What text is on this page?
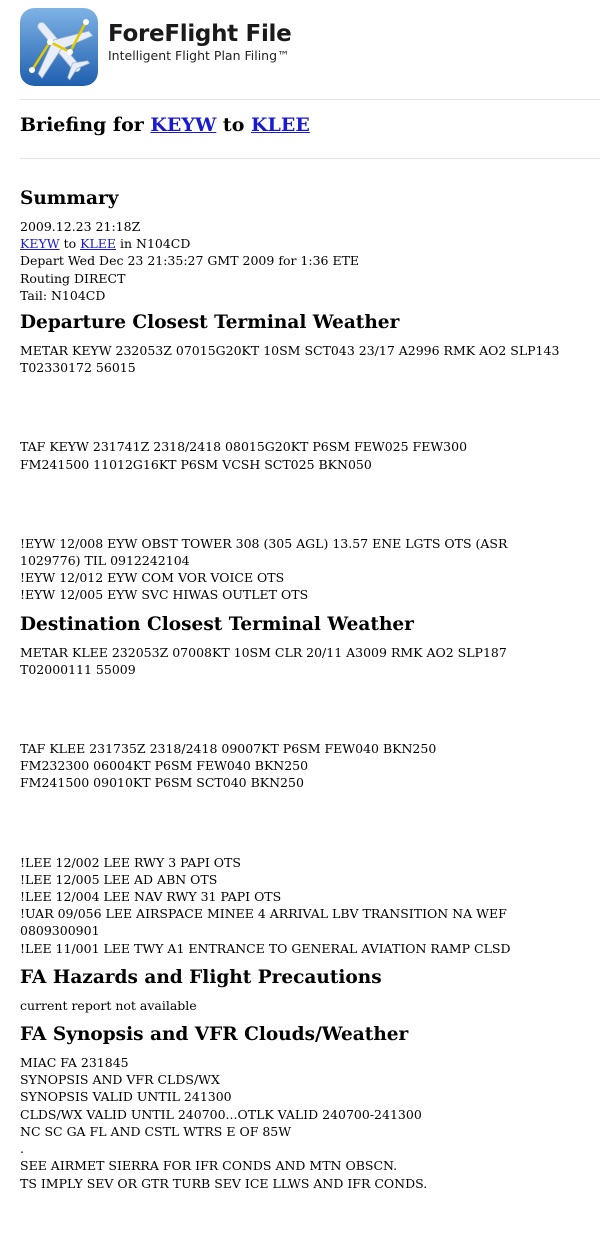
ForeFlight File
Intelligent Flight Plan Filing™
Briefing for KEYW to KLEE
Summary
2009.12.23 21:18Z
KEYW to KLEE in N104CD
Depart Wed Dec 23 21:35:27 GMT 2009 for 1:36 ETE
Routing DIRECT
Tail: N104CD
Departure Closest Terminal Weather
METAR KEYW 232053Z 07015G20KT 10SM SCT043 23/17 A2996 RMK AO2 SLP143
T02330172 56015
TAF KEYW 231741Z 2318/2418 08015G20KT P6SM FEW025 FEW300
FM241500 11012G16KT P6SM VCSH SCT025 BKN050
!EYW 12/008 EYW OBST TOWER 308 (305 AGL) 13.57 ENE LGTS OTS (ASR
1029776) TIL 0912242104
!EYW 12/012 EYW COM VOR VOICE OTS
!EYW 12/005 EYW SVC HIWAS OUTLET OTS
Destination Closest Terminal Weather
METAR KLEE 232053Z 07008KT 10SM CLR 20/11 A3009 RMK AO2 SLP187
T02000111 55009
TAF KLEE 231735Z 2318/2418 09007KT P6SM FEW040 BKN250
FM232300 06004KT P6SM FEW040 BKN250
FM241500 09010KT P6SM SCT040 BKN250
!LEE 12/002 LEE RWY 3 PAPI OTS
!LEE 12/005 LEE AD ABN OTS
!LEE 12/004 LEE NAV RWY 31 PAPI OTS
!UAR 09/056 LEE AIRSPACE MINEE 4 ARRIVAL LBV TRANSITION NA WEF
0809300901
!LEE 11/001 LEE TWY A1 ENTRANCE TO GENERAL AVIATION RAMP CLSD
FA Hazards and Flight Precautions
current report not available
FA Synopsis and VFR Clouds/Weather
MIAC FA 231845
SYNOPSIS AND VFR CLDS/WX
SYNOPSIS VALID UNTIL 241300
CLDS/WX VALID UNTIL 240700...OTLK VALID 240700-241300
NC SC GA FL AND CSTL WTRS E OF 85W
.
SEE AIRMET SIERRA FOR IFR CONDS AND MTN OBSCN.
TS IMPLY SEV OR GTR TURB SEV ICE LLWS AND IFR CONDS.
